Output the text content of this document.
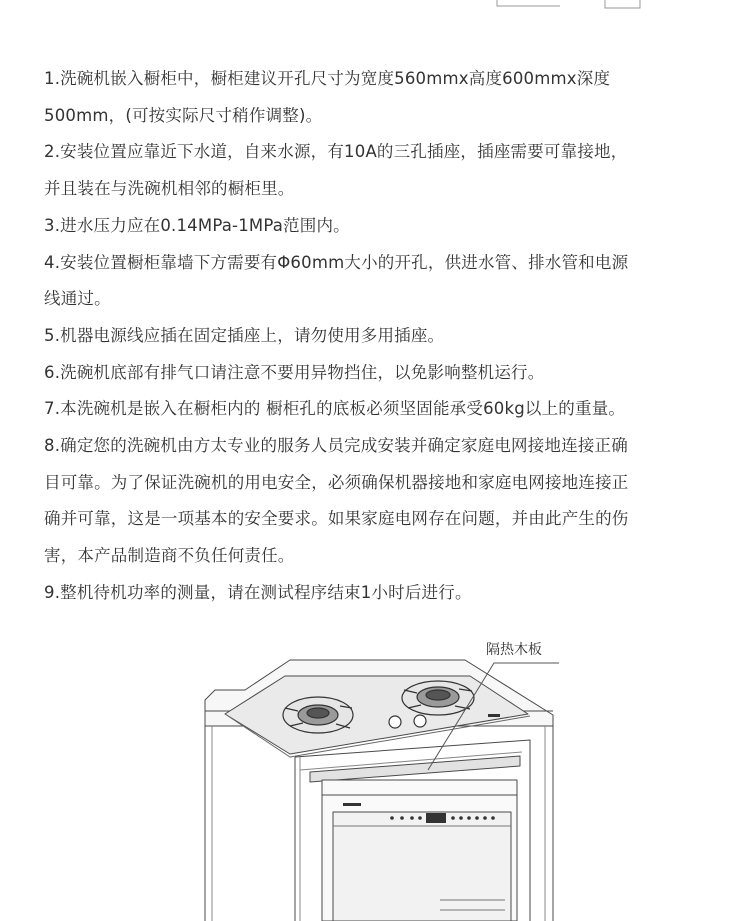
1.洗碗机嵌入橱柜中，橱柜建议开孔尺寸为宽度560mmx高度600mmx深度
500mm，(可按实际尺寸稍作调整)。
2.安装位置应靠近下水道，自来水源，有10A的三孔插座，插座需要可靠接地，
并且装在与洗碗机相邻的橱柜里。
3.进水压力应在0.14MPa-1MPa范围内。
4.安装位置橱柜靠墙下方需要有Φ60mm大小的开孔，供进水管、排水管和电源
线通过。
5.机器电源线应插在固定插座上，请勿使用多用插座。
6.洗碗机底部有排气口请注意不要用异物挡住，以免影响整机运行。
7.本洗碗机是嵌入在橱柜内的 橱柜孔的底板必须坚固能承受60kg以上的重量。
8.确定您的洗碗机由方太专业的服务人员完成安装并确定家庭电网接地连接正确
目可靠。为了保证洗碗机的用电安全，必须确保机器接地和家庭电网接地连接正
确并可靠，这是一项基本的安全要求。如果家庭电网存在问题，并由此产生的伤
害，本产品制造商不负任何责任。
9.整机待机功率的测量，请在测试程序结束1小时后进行。
隔热木板
